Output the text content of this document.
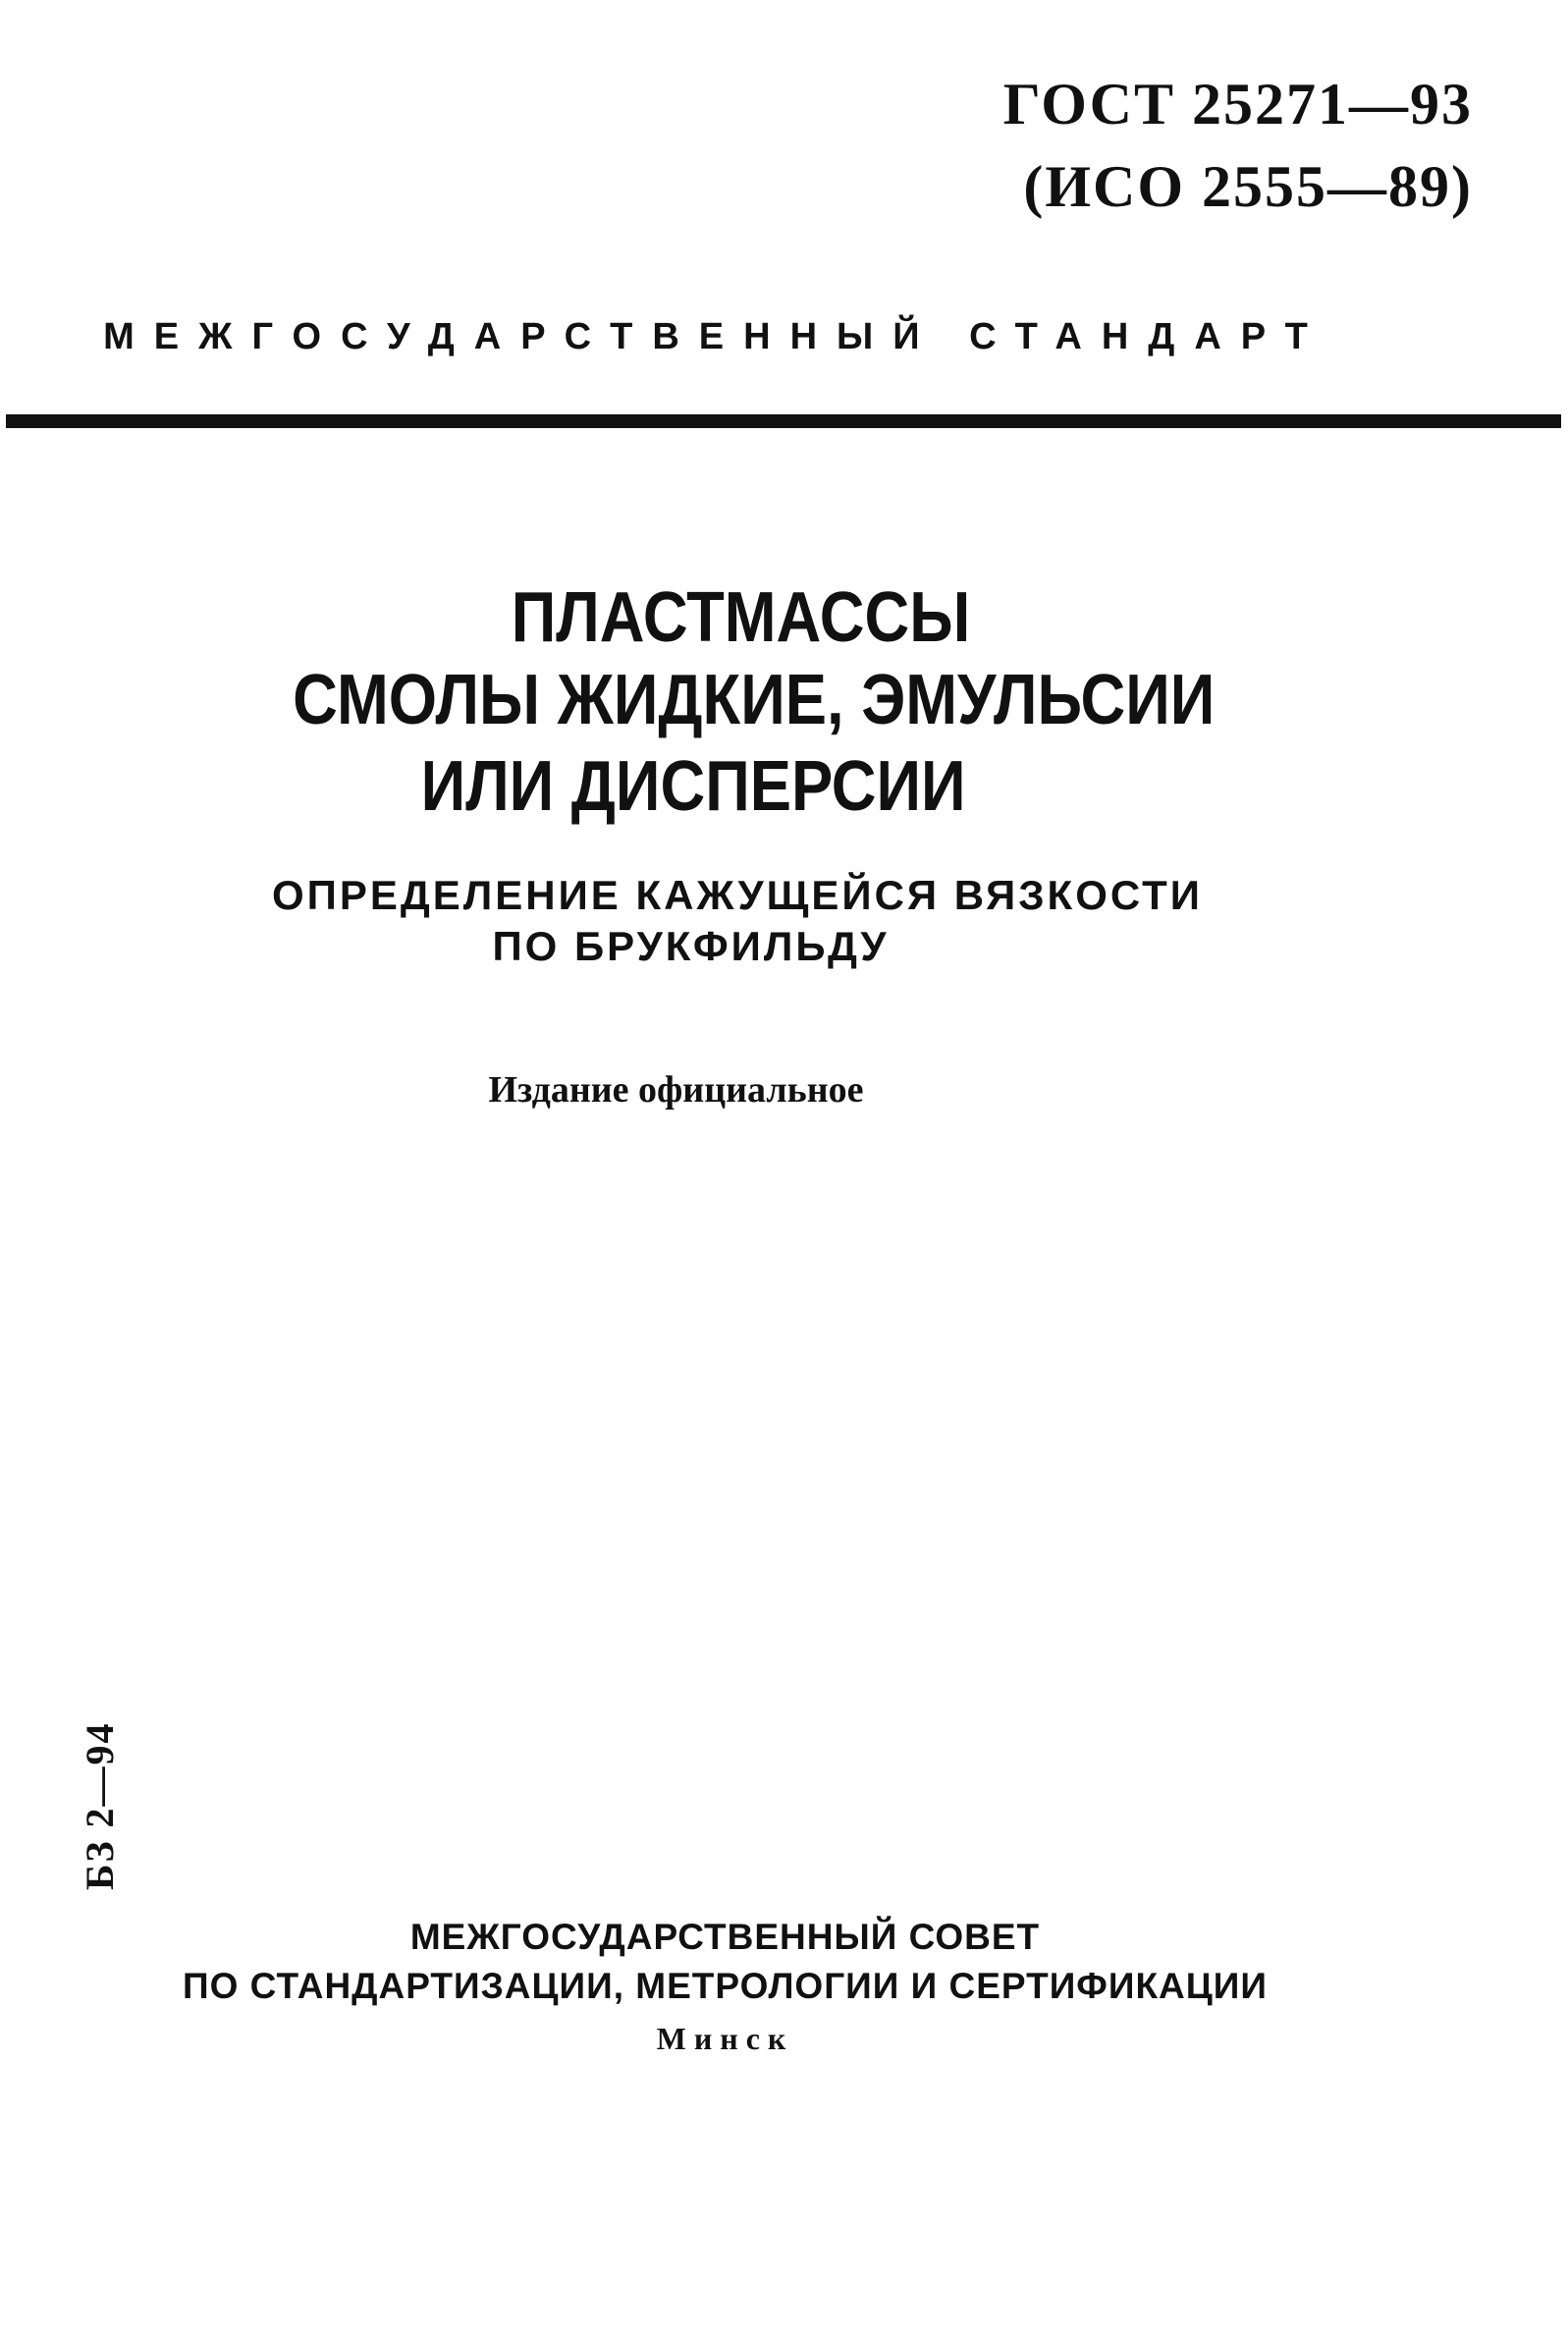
ГОСТ 25271—93
(ИСО 2555—89)
МЕЖГОСУДАРСТВЕННЫЙ СТАНДАРТ
ПЛАСТМАССЫ
СМОЛЫ ЖИДКИЕ, ЭМУЛЬСИИ
ИЛИ ДИСПЕРСИИ
ОПРЕДЕЛЕНИЕ КАЖУЩЕЙСЯ ВЯЗКОСТИ
ПО БРУКФИЛЬДУ
Издание официальное
БЗ 2—94
МЕЖГОСУДАРСТВЕННЫЙ СОВЕТ
ПО СТАНДАРТИЗАЦИИ, МЕТРОЛОГИИ И СЕРТИФИКАЦИИ
Минск
